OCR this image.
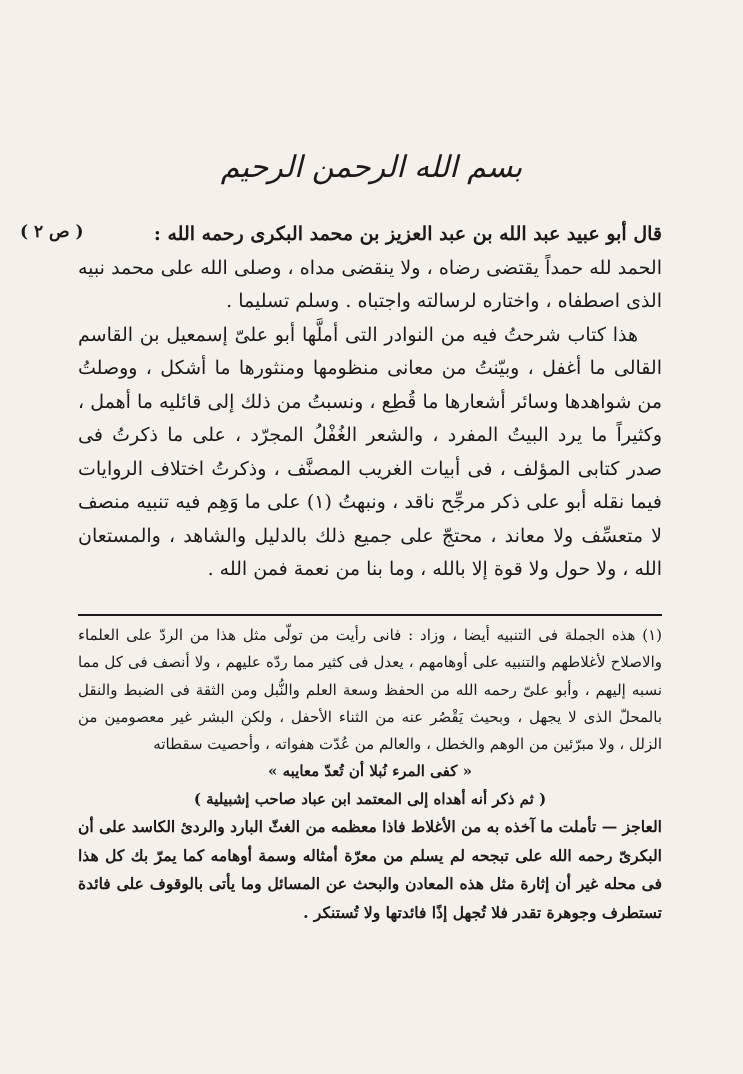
بسم الله الرحمن الرحيم
( ص ٢ )	قال أبو عبيد عبد الله بن عبد العزيز بن محمد البكرى رحمه الله :

الحمد لله حمداً يقتضى رضاه ، ولا ينقضى مداه ، وصلى الله على محمد نبيه الذى اصطفاه ، واختاره لرسالته واجتباه . وسلم تسليما .

هذا كتاب شرحتُ فيه من النوادر التى أملَّها أبو علىّ إسمعيل بن القاسم القالى ما أغفل ، وبيّنتُ من معانى منظومها ومنثورها ما أشكل ، ووصلتُ من شواهدها وسائر أشعارها ما قُطِع ، ونسبتُ من ذلك إلى قائليه ما أهمل ، وكثيراً ما يرد البيتُ المفرد ، والشعر الغُفْلُ المجرّد ، على ما ذكرتُ فى صدر كتابى المؤلف ، فى أبيات الغريب المصنَّف ، وذكرتُ اختلاف الروايات فيما نقله أبو على ذكر مرجِّح ناقد ، ونبهتُ (١) على ما وَهِم فيه تنبيه منصف لا متعسِّف ولا معاند ، محتجّ على جميع ذلك بالدليل والشاهد ، والمستعان الله ، ولا حول ولا قوة إلا بالله ، وما بنا من نعمة فمن الله .

(١) هذه الجملة فى التنبيه أيضا ، وزاد : فانى رأيت من تولّى مثل هذا من الردّ على العلماء والاصلاح لأغلاطهم والتنبيه على أوهامهم ، يعدل فى كثير مما ردّه عليهم ، ولا أنصف فى كل مما نسبه إليهم ، وأبو علىّ رحمه الله من الحفظ وسعة العلم والنُّبل ومن الثقة فى الضبط والنقل بالمحلّ الذى لا يجهل ، وبحيث يَقْصُر عنه من الثناء الأحفل ، ولكن البشر غير معصومين من الزلل ، ولا مبرّئين من الوهم والخطل ، والعالم من عُدّت هفواته ، وأحصيت سقطاته

« كفى المرء نُبلا أن تُعدّ معايبه »

( ثم ذكر أنه أهداه إلى المعتمد ابن عباد صاحب إشبيلية )

العاجز — تأملت ما آخذه به من الأغلاط فاذا معظمه من الغثّ البارد والردئ الكاسد على أن البكرىّ رحمه الله على تبجحه لم يسلم من معرّة أمثاله وسمة أوهامه كما يمرّ بك كل هذا فى محله غير أن إثارة مثل هذه المعادن والبحث عن المسائل وما يأتى بالوقوف على فائدة تستطرف وجوهرة تقدر فلا تُجهل إذًا فائدتها ولا تُستنكر .
